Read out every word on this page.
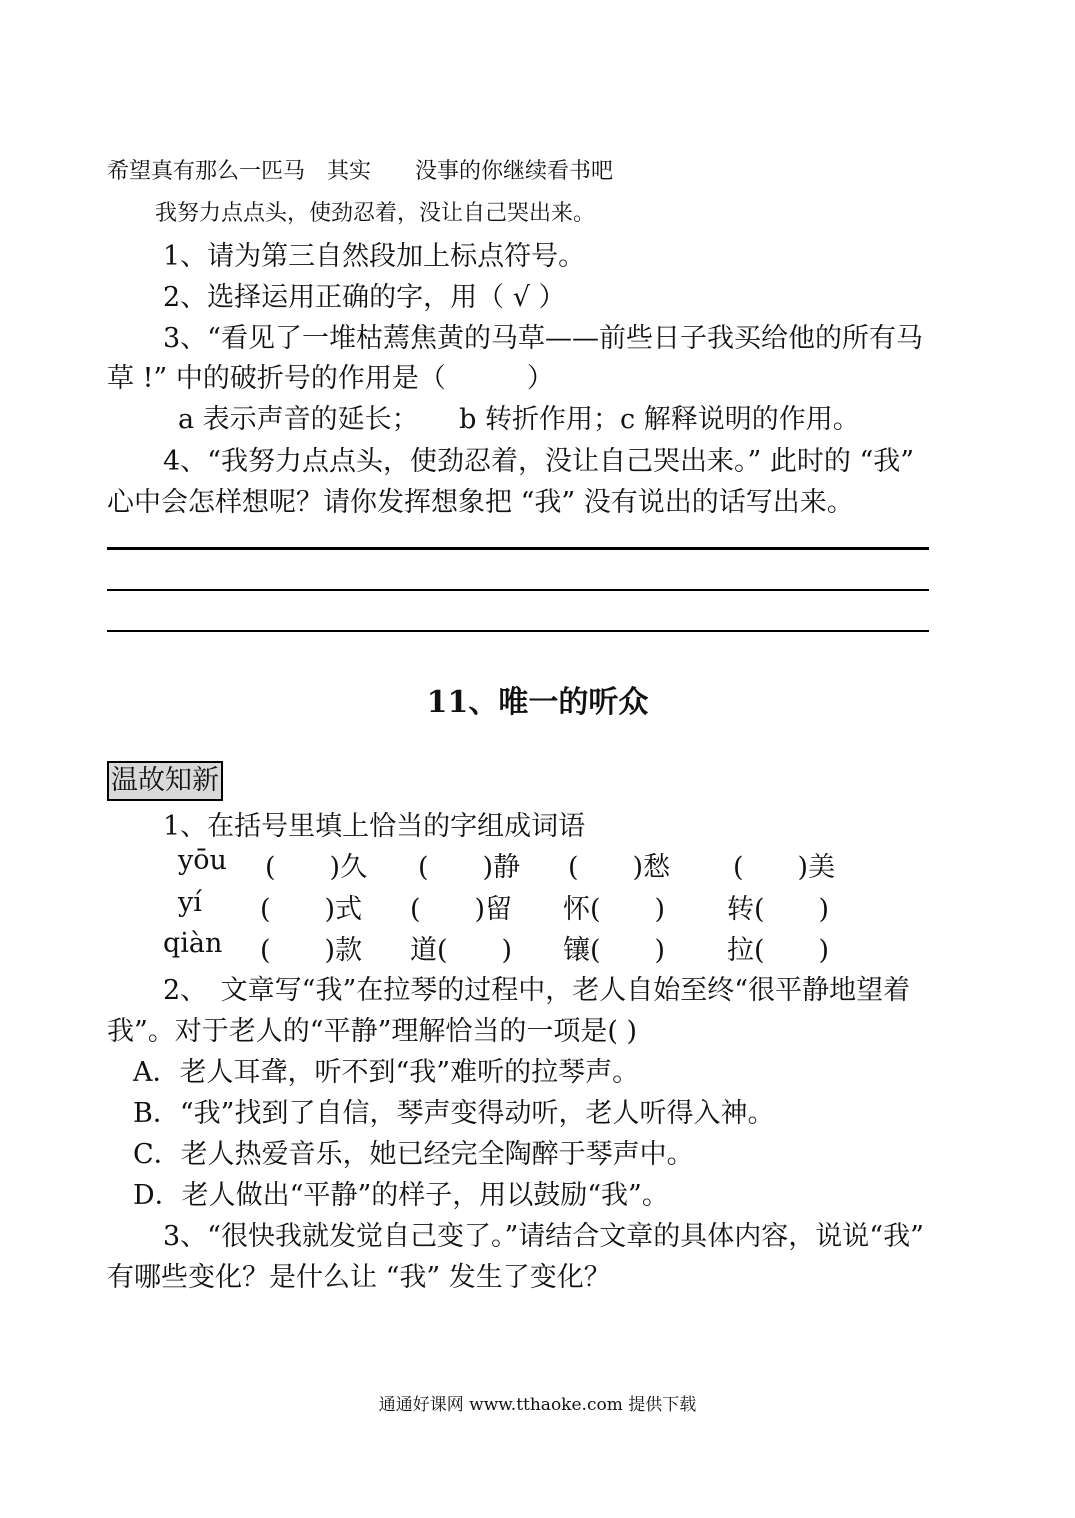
希望真有那么一匹马　其实　　没事的你继续看书吧

我努力点点头，使劲忍着，没让自己哭出来。

1、请为第三自然段加上标点符号。

2、选择运用正确的字，用（ √ ）

3、“看见了一堆枯蔫焦黄的马草——前些日子我买给他的所有马

草 !” 中的破折号的作用是（　　　）

a 表示声音的延长；　　b 转折作用；c 解释说明的作用。

4、“我努力点点头，使劲忍着，没让自己哭出来。” 此时的 “我”

心中会怎样想呢？请你发挥想象把 “我” 没有说出的话写出来。

11、唯一的听众
温故知新

1、在括号里填上恰当的字组成词语

yōu (　　)久 (　　)静 (　　)愁 (　　)美
yí (　　)式 (　　)留 怀(　　) 转(　　)
qiàn (　　)款 道(　　) 镶(　　) 拉(　　)

2、　文章写“我”在拉琴的过程中，老人自始至终“很平静地望着

我”。对于老人的“平静”理解恰当的一项是( )

A．老人耳聋，听不到“我”难听的拉琴声。

B．“我”找到了自信，琴声变得动听，老人听得入神。

C．老人热爱音乐，她已经完全陶醉于琴声中。

D．老人做出“平静”的样子，用以鼓励“我”。

3、“很快我就发觉自己变了。”请结合文章的具体内容，说说“我”

有哪些变化？是什么让 “我” 发生了变化？

通通好课网 www.tthaoke.com 提供下载
